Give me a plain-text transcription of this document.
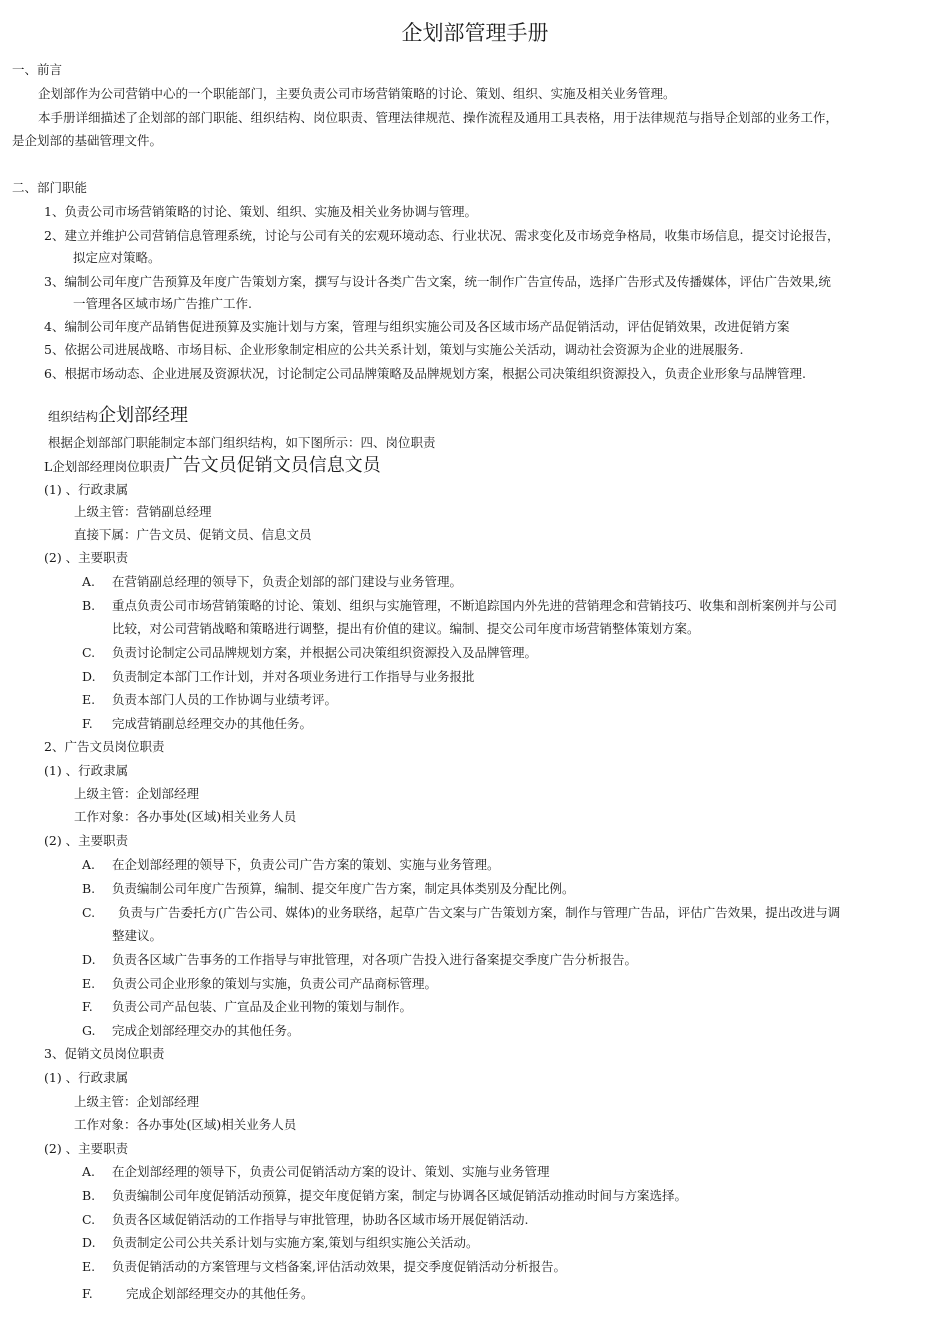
企划部管理手册
一、前言
企划部作为公司营销中心的一个职能部门，主要负责公司市场营销策略的讨论、策划、组织、实施及相关业务管理。
本手册详细描述了企划部的部门职能、组织结构、岗位职责、管理法律规范、操作流程及通用工具表格，用于法律规范与指导企划部的业务工作，
是企划部的基础管理文件。
二、部门职能
1、负责公司市场营销策略的讨论、策划、组织、实施及相关业务协调与管理。
2、建立并维护公司营销信息管理系统，讨论与公司有关的宏观环境动态、行业状况、需求变化及市场竞争格局，收集市场信息，提交讨论报告，
拟定应对策略。
3、编制公司年度广告预算及年度广告策划方案，撰写与设计各类广告文案，统一制作广告宣传品，选择广告形式及传播媒体，评估广告效果,统
一管理各区域市场广告推广工作.
4、编制公司年度产品销售促进预算及实施计划与方案，管理与组织实施公司及各区域市场产品促销活动，评估促销效果，改进促销方案
5、依据公司进展战略、市场目标、企业形象制定相应的公共关系计划，策划与实施公关活动，调动社会资源为企业的进展服务.
6、根据市场动态、企业进展及资源状况，讨论制定公司品牌策略及品牌规划方案，根据公司决策组织资源投入，负责企业形象与品牌管理.
组织结构企划部经理
根据企划部部门职能制定本部门组织结构，如下图所示：四、岗位职责
L企划部经理岗位职责广告文员促销文员信息文员
(1) 、行政隶属
上级主管：营销副总经理
直接下属：广告文员、促销文员、信息文员
(2) 、主要职责
A. 在营销副总经理的领导下，负责企划部的部门建设与业务管理。
B. 重点负责公司市场营销策略的讨论、策划、组织与实施管理，不断追踪国内外先进的营销理念和营销技巧、收集和剖析案例并与公司
比较，对公司营销战略和策略进行调整，提出有价值的建议。编制、提交公司年度市场营销整体策划方案。
C. 负责讨论制定公司品牌规划方案，并根据公司决策组织资源投入及品牌管理。
D. 负责制定本部门工作计划，并对各项业务进行工作指导与业务报批
E. 负责本部门人员的工作协调与业绩考评。
F. 完成营销副总经理交办的其他任务。
2、广告文员岗位职责
(1) 、行政隶属
上级主管：企划部经理
工作对象：各办事处(区域)相关业务人员
(2) 、主要职责
A. 在企划部经理的领导下，负责公司广告方案的策划、实施与业务管理。
B. 负责编制公司年度广告预算，编制、提交年度广告方案，制定具体类别及分配比例。
C. 负责与广告委托方(广告公司、媒体)的业务联络，起草广告文案与广告策划方案，制作与管理广告品，评估广告效果，提出改进与调
整建议。
D. 负责各区域广告事务的工作指导与审批管理，对各项广告投入进行备案提交季度广告分析报告。
E. 负责公司企业形象的策划与实施，负责公司产品商标管理。
F. 负责公司产品包装、广宣品及企业刊物的策划与制作。
G. 完成企划部经理交办的其他任务。
3、促销文员岗位职责
(1) 、行政隶属
上级主管：企划部经理
工作对象：各办事处(区域)相关业务人员
(2) 、主要职责
A. 在企划部经理的领导下，负责公司促销活动方案的设计、策划、实施与业务管理
B. 负责编制公司年度促销活动预算，提交年度促销方案，制定与协调各区域促销活动推动时间与方案选择。
C. 负责各区域促销活动的工作指导与审批管理，协助各区域市场开展促销活动.
D. 负责制定公司公共关系计划与实施方案,策划与组织实施公关活动。
E. 负责促销活动的方案管理与文档备案,评估活动效果，提交季度促销活动分析报告。
F.	完成企划部经理交办的其他任务。
